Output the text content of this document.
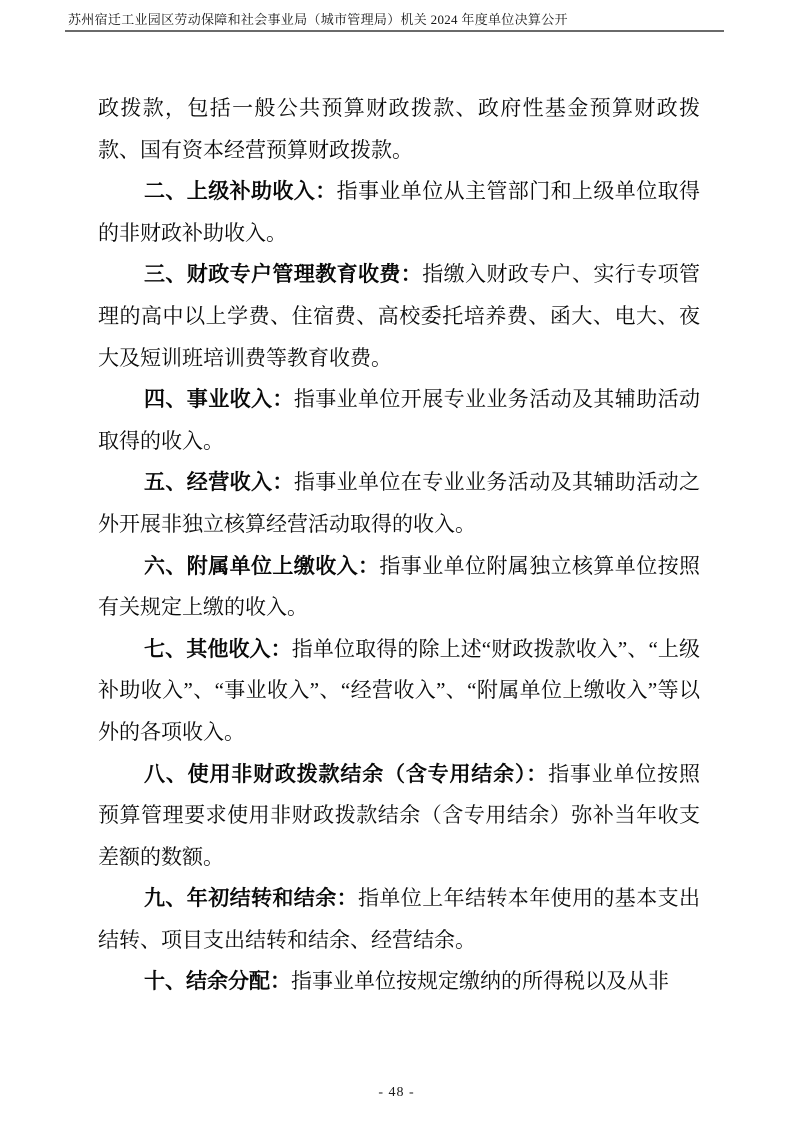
苏州宿迁工业园区劳动保障和社会事业局（城市管理局）机关 2024 年度单位决算公开

政拨款，包括一般公共预算财政拨款、政府性基金预算财政拨款、国有资本经营预算财政拨款。

二、上级补助收入：指事业单位从主管部门和上级单位取得的非财政补助收入。

三、财政专户管理教育收费：指缴入财政专户、实行专项管理的高中以上学费、住宿费、高校委托培养费、函大、电大、夜大及短训班培训费等教育收费。

四、事业收入：指事业单位开展专业业务活动及其辅助活动取得的收入。

五、经营收入：指事业单位在专业业务活动及其辅助活动之外开展非独立核算经营活动取得的收入。

六、附属单位上缴收入：指事业单位附属独立核算单位按照有关规定上缴的收入。

七、其他收入：指单位取得的除上述“财政拨款收入”、“上级补助收入”、“事业收入”、“经营收入”、“附属单位上缴收入”等以外的各项收入。

八、使用非财政拨款结余（含专用结余）：指事业单位按照预算管理要求使用非财政拨款结余（含专用结余）弥补当年收支差额的数额。

九、年初结转和结余：指单位上年结转本年使用的基本支出结转、项目支出结转和结余、经营结余。

十、结余分配：指事业单位按规定缴纳的所得税以及从非

- 48 -
